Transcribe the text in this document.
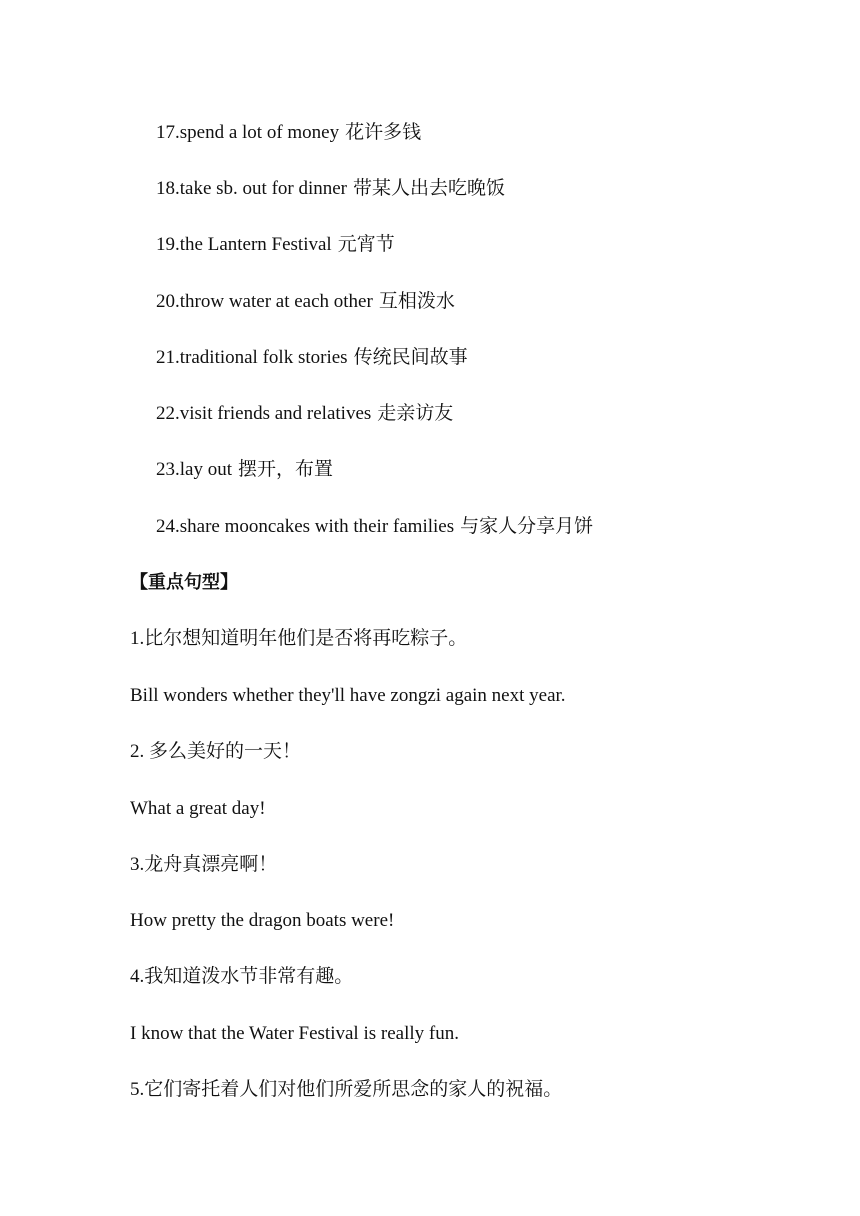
17.spend a lot of money 花许多钱
18.take sb. out for dinner 带某人出去吃晚饭
19.the Lantern Festival 元宵节
20.throw water at each other 互相泼水
21.traditional folk stories 传统民间故事
22.visit friends and relatives 走亲访友
23.lay out 摆开，布置
24.share mooncakes with their families 与家人分享月饼
【重点句型】
1.比尔想知道明年他们是否将再吃粽子。
Bill wonders whether they'll have zongzi again next year.
2. 多么美好的一天！
What a great day!
3.龙舟真漂亮啊！
How pretty the dragon boats were!
4.我知道泼水节非常有趣。
I know that the Water Festival is really fun.
5.它们寄托着人们对他们所爱所思念的家人的祝福。
